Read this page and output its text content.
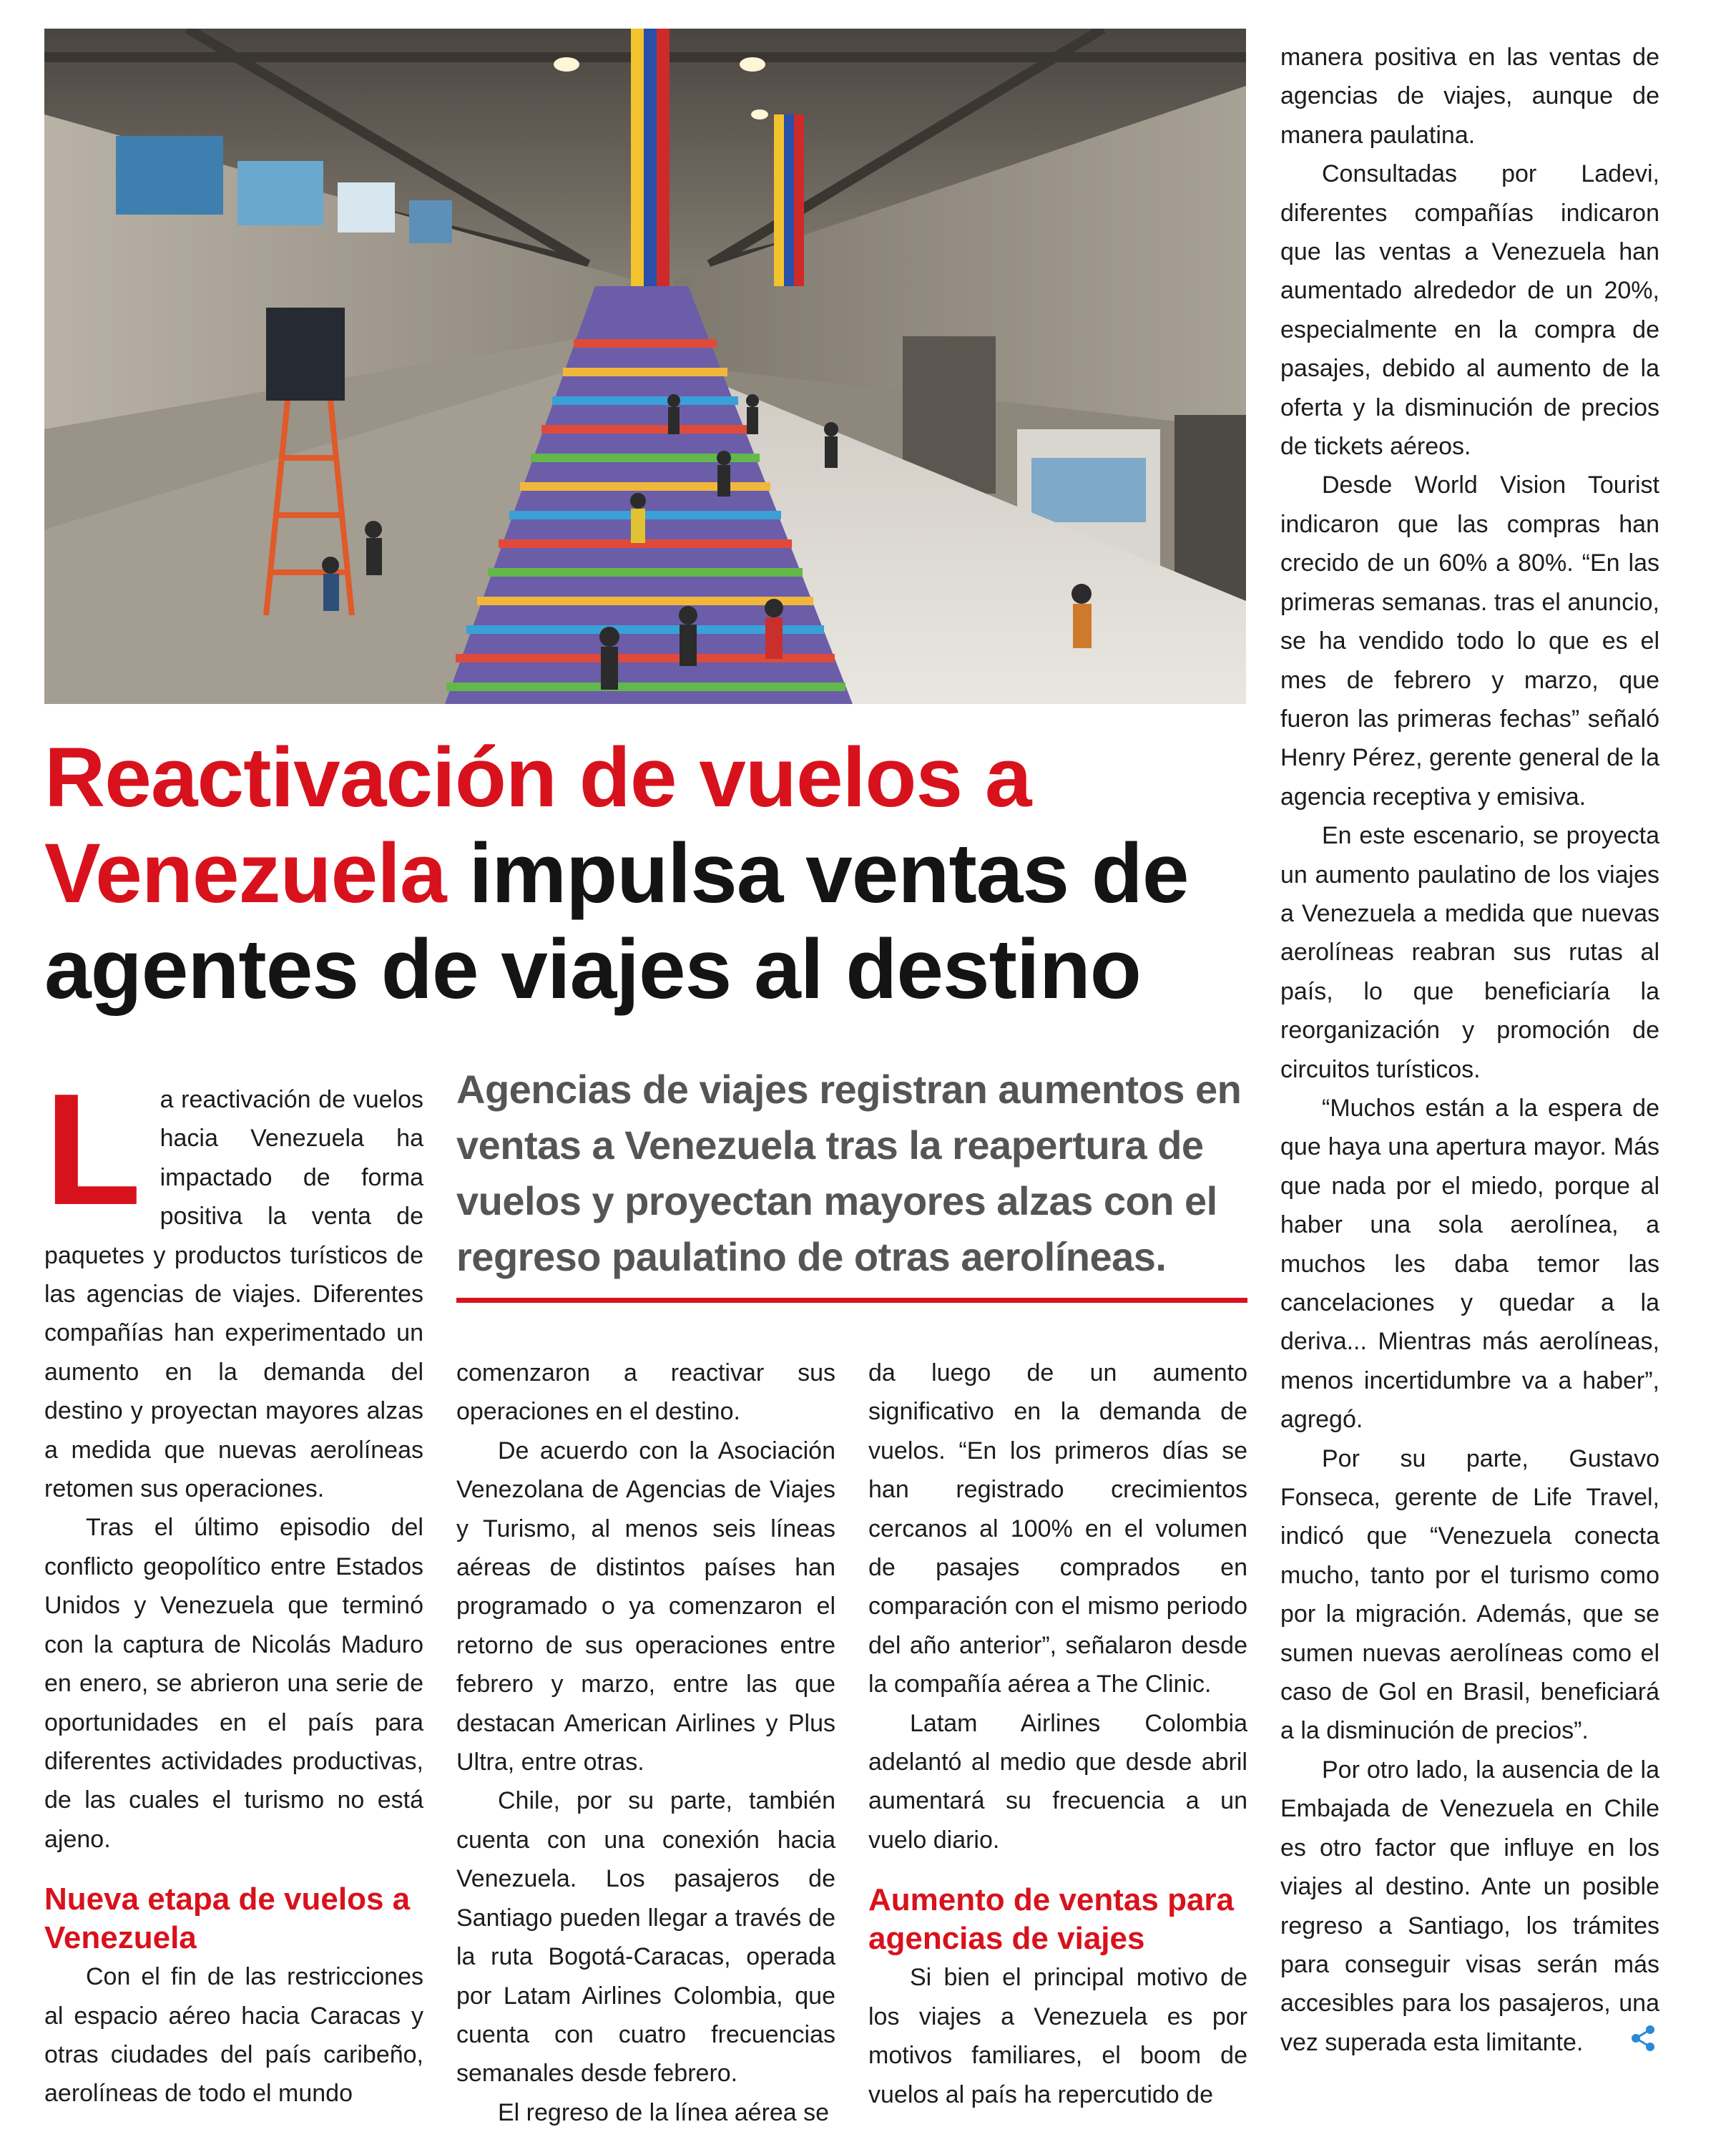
Reactivación de vuelos a Venezuela impulsa ventas de agentes de viajes al destino

Agencias de viajes registran aumentos en ventas a Venezuela tras la reapertura de vuelos y proyectan mayores alzas con el regreso paulatino de otras aerolíneas.

La reactivación de vuelos hacia Venezuela ha impactado de forma positiva la venta de paquetes y productos turísticos de las agencias de viajes. Diferentes compañías han experimentado un aumento en la demanda del destino y proyectan mayores alzas a medida que nuevas aerolíneas retomen sus operaciones.

Tras el último episodio del conflicto geopolítico entre Estados Unidos y Venezuela que terminó con la captura de Nicolás Maduro en enero, se abrieron una serie de oportunidades en el país para diferentes actividades productivas, de las cuales el turismo no está ajeno.

Nueva etapa de vuelos a Venezuela

Con el fin de las restricciones al espacio aéreo hacia Caracas y otras ciudades del país caribeño, aerolíneas de todo el mundo

comenzaron a reactivar sus operaciones en el destino.

De acuerdo con la Asociación Venezolana de Agencias de Viajes y Turismo, al menos seis líneas aéreas de distintos países han programado o ya comenzaron el retorno de sus operaciones entre febrero y marzo, entre las que destacan American Airlines y Plus Ultra, entre otras.

Chile, por su parte, también cuenta con una conexión hacia Venezuela. Los pasajeros de Santiago pueden llegar a través de la ruta Bogotá-Caracas, operada por Latam Airlines Colombia, que cuenta con cuatro frecuencias semanales desde febrero.

El regreso de la línea aérea se

da luego de un aumento significativo en la demanda de vuelos. “En los primeros días se han registrado crecimientos cercanos al 100% en el volumen de pasajes comprados en comparación con el mismo periodo del año anterior”, señalaron desde la compañía aérea a The Clinic.

Latam Airlines Colombia adelantó al medio que desde abril aumentará su frecuencia a un vuelo diario.

Aumento de ventas para agencias de viajes

Si bien el principal motivo de los viajes a Venezuela es por motivos familiares, el boom de vuelos al país ha repercutido de

manera positiva en las ventas de agencias de viajes, aunque de manera paulatina.

Consultadas por Ladevi, diferentes compañías indicaron que las ventas a Venezuela han aumentado alrededor de un 20%, especialmente en la compra de pasajes, debido al aumento de la oferta y la disminución de precios de tickets aéreos.

Desde World Vision Tourist indicaron que las compras han crecido de un 60% a 80%. “En las primeras semanas. tras el anuncio, se ha vendido todo lo que es el mes de febrero y marzo, que fueron las primeras fechas” señaló Henry Pérez, gerente general de la agencia receptiva y emisiva.

En este escenario, se proyecta un aumento paulatino de los viajes a Venezuela a medida que nuevas aerolíneas reabran sus rutas al país, lo que beneficiaría la reorganización y promoción de circuitos turísticos.

“Muchos están a la espera de que haya una apertura mayor. Más que nada por el miedo, porque al haber una sola aerolínea, a muchos les daba temor las cancelaciones y quedar a la deriva... Mientras más aerolíneas, menos incertidumbre va a haber”, agregó.

Por su parte, Gustavo Fonseca, gerente de Life Travel, indicó que “Venezuela conecta mucho, tanto por el turismo como por la migración. Además, que se sumen nuevas aerolíneas como el caso de Gol en Brasil, beneficiará a la disminución de precios”.

Por otro lado, la ausencia de la Embajada de Venezuela en Chile es otro factor que influye en los viajes al destino. Ante un posible regreso a Santiago, los trámites para conseguir visas serán más accesibles para los pasajeros, una vez superada esta limitante.
